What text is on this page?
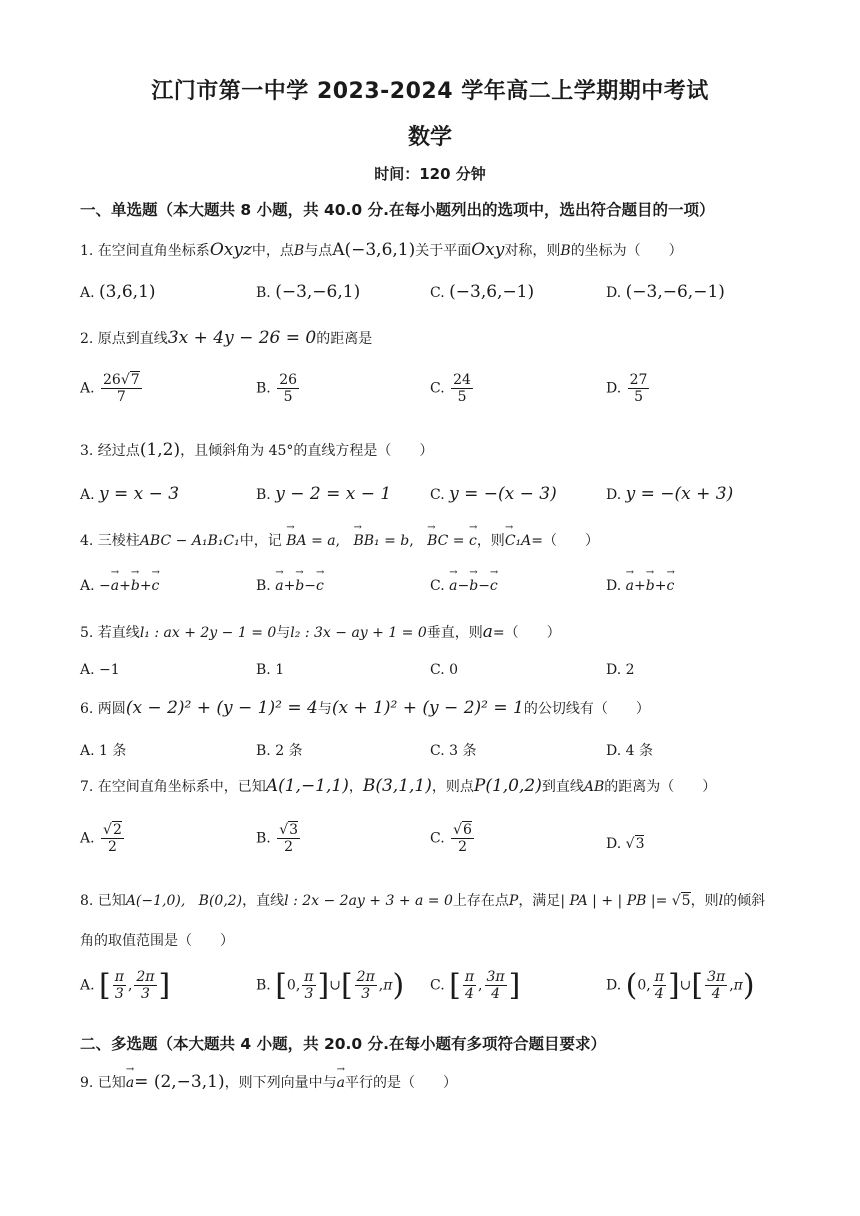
江门市第一中学 2023-2024 学年高二上学期期中考试
数学
时间：120 分钟
一、单选题（本大题共 8 小题，共 40.0 分.在每小题列出的选项中，选出符合题目的一项）
1. 在空间直角坐标系Oxyz中，点B与点A(−3,6,1)关于平面Oxy对称，则B的坐标为（　　）
A. (3,6,1)	B. (−3,−6,1)	C. (−3,6,−1)	D. (−3,−6,−1)
2. 原点到直线3x + 4y − 26 = 0的距离是
A. $\frac{26√7}{7}$	B. $\frac{26}{5}$	C. $\frac{24}{5}$	D. $\frac{27}{5}$
3. 经过点(1,2)，且倾斜角为 45°的直线方程是（　　）
A. y = x − 3	B. y − 2 = x − 1	C. y = −(x − 3)	D. y = −(x + 3)
4. 三棱柱ABC − A₁B₁C₁中，记 → BA = a,   → BB₁ = b,   → BC = → c，则→ C₁A=（　　）
A. −→ a+→ b+→ c	B. → a+→ b−→ c	C. → a−→ b−→ c	D. → a+→ b+→ c
5. 若直线l₁ : ax + 2y − 1 = 0与l₂ : 3x − ay + 1 = 0垂直，则a=（　　）
A. −1	B. 1	C. 0	D. 2
6. 两圆(x − 2)² + (y − 1)² = 4与(x + 1)² + (y − 2)² = 1的公切线有（　　）
A. 1 条	B. 2 条	C. 3 条	D. 4 条
7. 在空间直角坐标系中，已知A(1,−1,1)，B(3,1,1)，则点P(1,0,2)到直线AB的距离为（　　）
A. $\frac{√2}{2}$	B. $\frac{√3}{2}$	C. $\frac{√6}{2}$	D. √3
8. 已知A(−1,0), B(0,2)，直线l : 2x − 2ay + 3 + a = 0上存在点P，满足| PA | + | PB |= √5，则l的倾斜
角的取值范围是（　　）
A. [ $\frac{\pi}{3}$ , $\frac{2\pi}{3}$ ]	B. [0, $\frac{\pi}{3}$ ]∪[ $\frac{2\pi}{3} ,\pi$) C. [ $\frac{\pi}{4}$ , $\frac{3\pi}{4}$ ]	D. (0, $\frac{\pi}{4}$ ]∪[ $\frac{3\pi}{4} ,\pi$)
二、多选题（本大题共 4 小题，共 20.0 分.在每小题有多项符合题目要求）
9. 已知→ a= (2,−3,1)，则下列向量中与→ a平行的是（　　）
